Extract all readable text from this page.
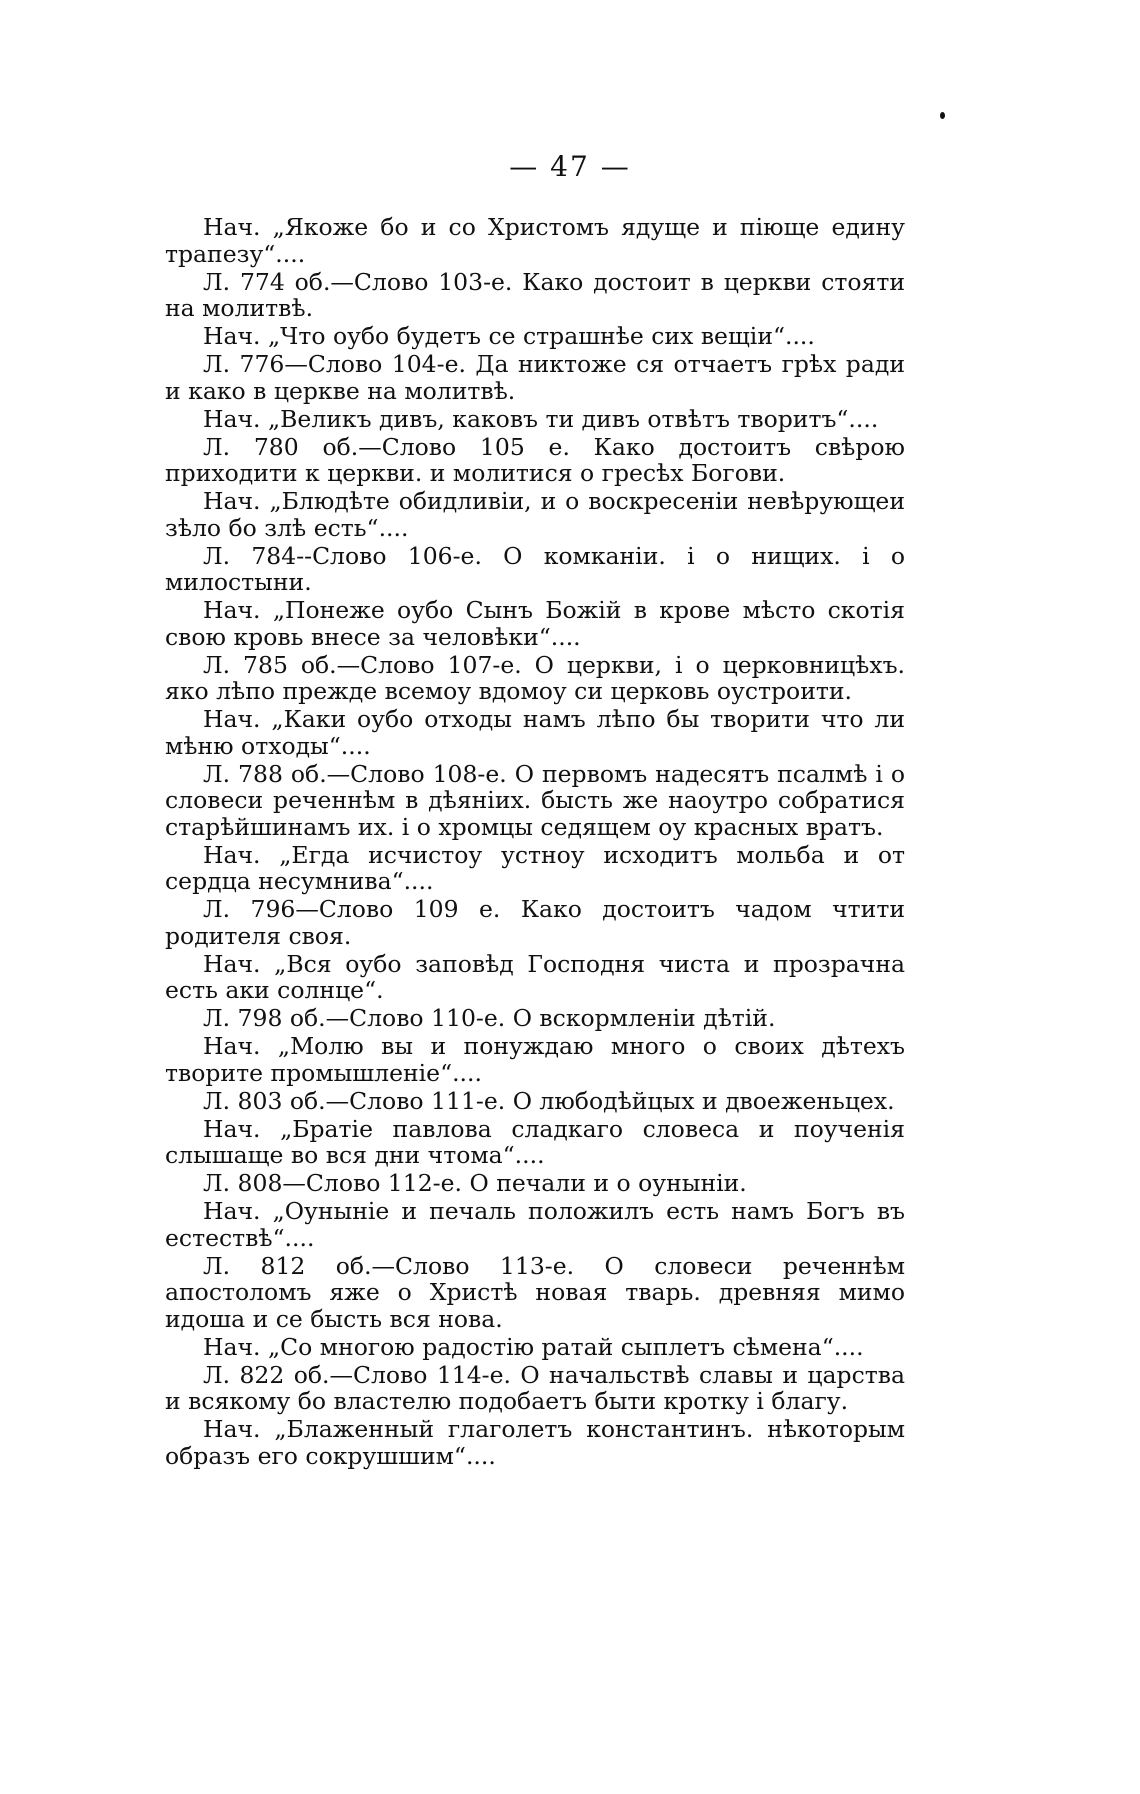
— 47 —

Нач. „Якоже бо и со Христомъ ядуще и пiюще едину трапезу“....

Л. 774 об.—Слово 103-е. Како достоит в церкви стояти на молитвѣ.

Нач. „Что оубо будетъ се страшнѣе сих вещiи“....

Л. 776—Слово 104-е. Да никтоже ся отчаетъ грѣх ради и како в церкве на молитвѣ.

Нач. „Великъ дивъ, каковъ ти дивъ отвѣтъ творитъ“....

Л. 780 об.—Слово 105 е. Како достоитъ свѣрою приходити к церкви. и молитися о гресѣх Богови.

Нач. „Блюдѣте обидливiи, и о воскресенiи невѣрующеи зѣло бо злѣ есть“....

Л. 784--Слово 106-е. О комканiи. i о нищих. i о милостыни.

Нач. „Понеже оубо Сынъ Божiй в крове мѣсто скотiя свою кровь внесе за человѣки“....

Л. 785 об.—Слово 107-е. О церкви, i о церковницѣхъ. яко лѣпо прежде всемоу вдомоу си церковь оустроити.

Нач. „Каки оубо отходы намъ лѣпо бы творити что ли мѣню отходы“....

Л. 788 об.—Слово 108-е. О первомъ надесятъ псалмѣ i о словеси реченнѣм в дѣянiих. бысть же наоутро собратися старѣйшинамъ их. i о хромцы седящем оу красных вратъ.

Нач. „Егда исчистоу устноу исходитъ мольба и от сердца несумнива“....

Л. 796—Слово 109 е. Како достоитъ чадом чтити родителя своя.

Нач. „Вся оубо заповѣд Господня чиста и прозрачна есть аки солнце“.

Л. 798 об.—Слово 110-е. О вскормленiи дѣтiй.

Нач. „Молю вы и понуждаю много о своих дѣтехъ творите промышленiе“....

Л. 803 об.—Слово 111-е. О любодѣйцых и двоеженьцех.

Нач. „Братiе павлова сладкаго словеса и поученiя слышаще во вся дни чтома“....

Л. 808—Слово 112-е. О печали и о оунынiи.

Нач. „Оунынiе и печаль положилъ есть намъ Богъ въ естествѣ“....

Л. 812 об.—Слово 113-е. О словеси реченнѣм апостоломъ яже о Христѣ новая тварь. древняя мимо идоша и се бысть вся нова.

Нач. „Со многою радостiю ратай сыплетъ сѣмена“....

Л. 822 об.—Слово 114-е. О начальствѣ славы и царства и всякому бо властелю подобаетъ быти кротку i благу.

Нач. „Блаженный глаголетъ константинъ. нѣкоторым образъ его сокрушшим“....
